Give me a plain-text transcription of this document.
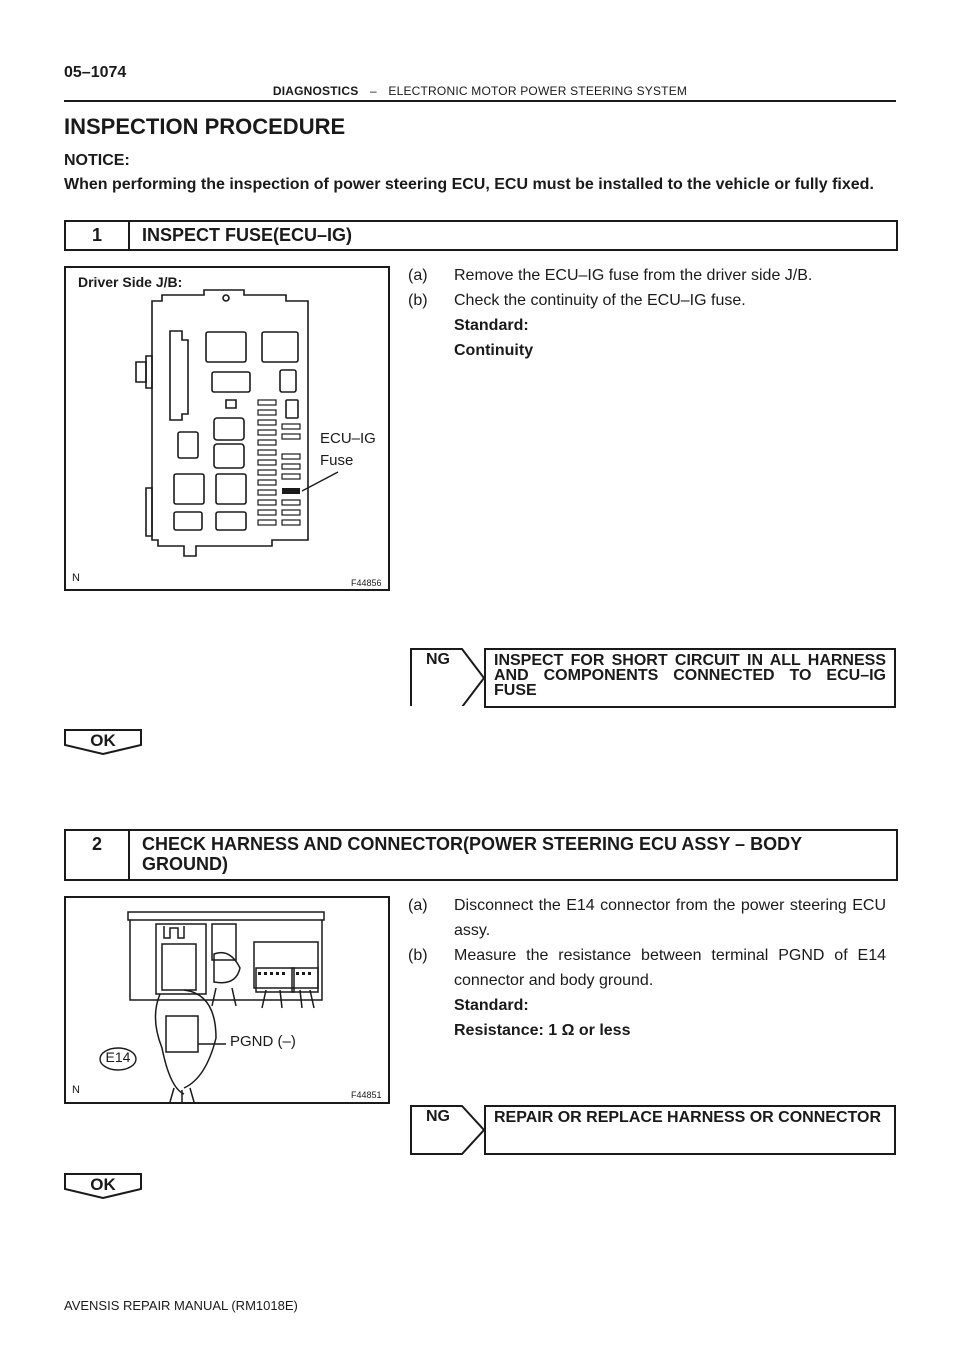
05–1074
DIAGNOSTICS – ELECTRONIC MOTOR POWER STEERING SYSTEM
INSPECTION PROCEDURE
NOTICE:
When performing the inspection of power steering ECU, ECU must be installed to the vehicle or fully fixed.
1	INSPECT FUSE(ECU–IG)
Driver Side J/B:
ECU–IG
Fuse
N	F44856
(a) Remove the ECU–IG fuse from the driver side J/B.
(b) Check the continuity of the ECU–IG fuse.
Standard:
Continuity
NG	INSPECT FOR SHORT CIRCUIT IN ALL HARNESS AND COMPONENTS CONNECTED TO ECU–IG FUSE
OK
2	CHECK HARNESS AND CONNECTOR(POWER STEERING ECU ASSY – BODY GROUND)
PGND (–)
E14
N	F44851
(a) Disconnect the E14 connector from the power steering ECU assy.
(b) Measure the resistance between terminal PGND of E14 connector and body ground.
Standard:
Resistance: 1 Ω or less
NG	REPAIR OR REPLACE HARNESS OR CONNECTOR
OK
AVENSIS REPAIR MANUAL (RM1018E)
